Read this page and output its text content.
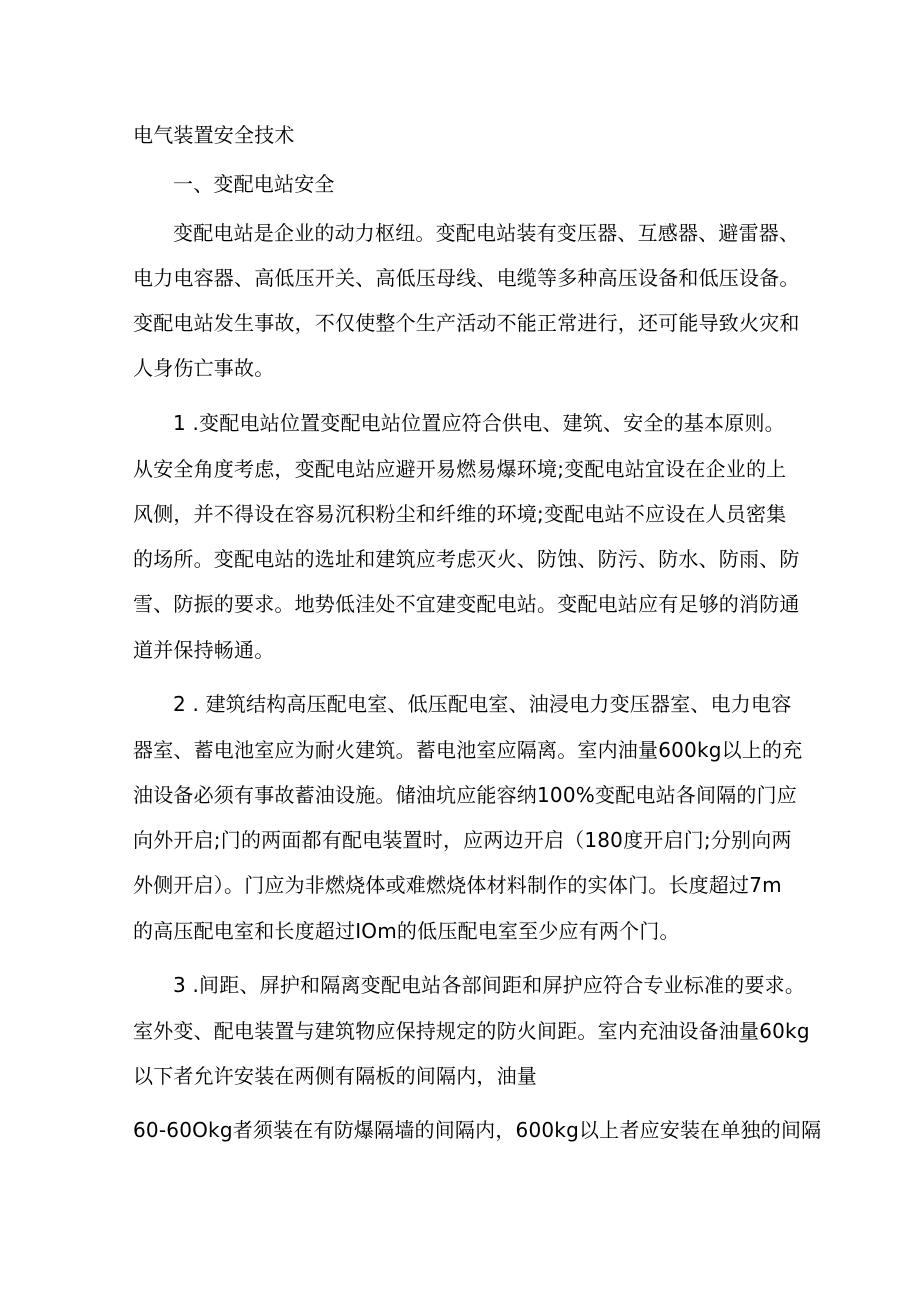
电气装置安全技术
一、变配电站安全
变配电站是企业的动力枢纽。变配电站装有变压器、互感器、避雷器、
电力电容器、高低压开关、高低压母线、电缆等多种高压设备和低压设备。
变配电站发生事故，不仅使整个生产活动不能正常进行，还可能导致火灾和
人身伤亡事故。
1 .变配电站位置变配电站位置应符合供电、建筑、安全的基本原则。
从安全角度考虑，变配电站应避开易燃易爆环境;变配电站宜设在企业的上
风侧，并不得设在容易沉积粉尘和纤维的环境;变配电站不应设在人员密集
的场所。变配电站的选址和建筑应考虑灭火、防蚀、防污、防水、防雨、防
雪、防振的要求。地势低洼处不宜建变配电站。变配电站应有足够的消防通
道并保持畅通。
2 . 建筑结构高压配电室、低压配电室、油浸电力变压器室、电力电容
器室、蓄电池室应为耐火建筑。蓄电池室应隔离。室内油量600kg以上的充
油设备必须有事故蓄油设施。储油坑应能容纳100%变配电站各间隔的门应
向外开启;门的两面都有配电装置时，应两边开启（180度开启门;分别向两
外侧开启）。门应为非燃烧体或难燃烧体材料制作的实体门。长度超过7m
的高压配电室和长度超过IOm的低压配电室至少应有两个门。
3 .间距、屏护和隔离变配电站各部间距和屏护应符合专业标准的要求。
室外变、配电装置与建筑物应保持规定的防火间距。室内充油设备油量60kg
以下者允许安装在两侧有隔板的间隔内，油量
60-60Okg者须装在有防爆隔墙的间隔内，600kg以上者应安装在单独的间隔
